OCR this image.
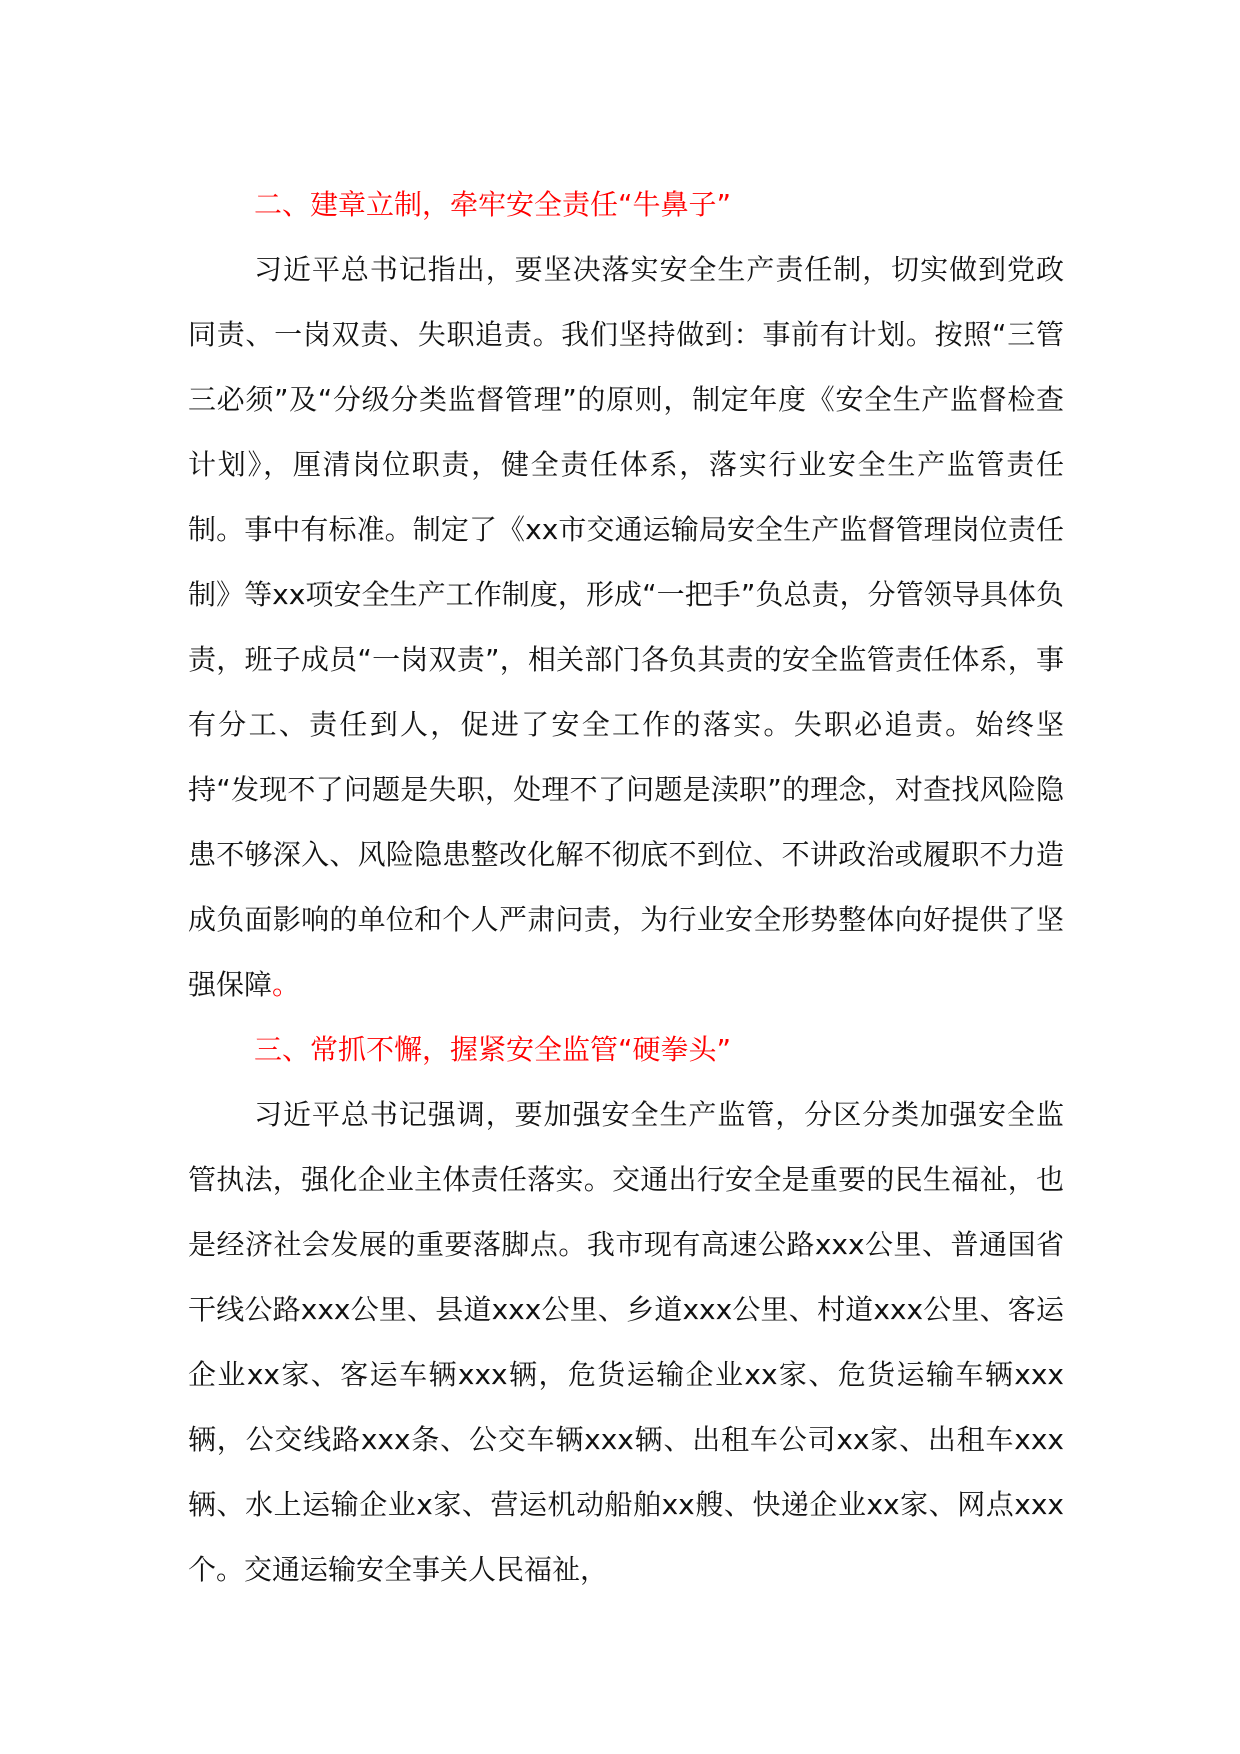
二、建章立制，牵牢安全责任“牛鼻子”

习近平总书记指出，要坚决落实安全生产责任制，切实做到党政同责、一岗双责、失职追责。我们坚持做到：事前有计划。按照“三管三必须”及“分级分类监督管理”的原则，制定年度《安全生产监督检查计划》，厘清岗位职责，健全责任体系，落实行业安全生产监管责任制。事中有标准。制定了《xx市交通运输局安全生产监督管理岗位责任制》等xx项安全生产工作制度，形成“一把手”负总责，分管领导具体负责，班子成员“一岗双责”，相关部门各负其责的安全监管责任体系，事有分工、责任到人，促进了安全工作的落实。失职必追责。始终坚持“发现不了问题是失职，处理不了问题是渎职”的理念，对查找风险隐患不够深入、风险隐患整改化解不彻底不到位、不讲政治或履职不力造成负面影响的单位和个人严肃问责，为行业安全形势整体向好提供了坚强保障。

三、常抓不懈，握紧安全监管“硬拳头”

习近平总书记强调，要加强安全生产监管，分区分类加强安全监管执法，强化企业主体责任落实。交通出行安全是重要的民生福祉，也是经济社会发展的重要落脚点。我市现有高速公路xxx公里、普通国省干线公路xxx公里、县道xxx公里、乡道xxx公里、村道xxx公里、客运企业xx家、客运车辆xxx辆，危货运输企业xx家、危货运输车辆xxx辆，公交线路xxx条、公交车辆xxx辆、出租车公司xx家、出租车xxx辆、水上运输企业x家、营运机动船舶xx艘、快递企业xx家、网点xxx个。交通运输安全事关人民福祉，
